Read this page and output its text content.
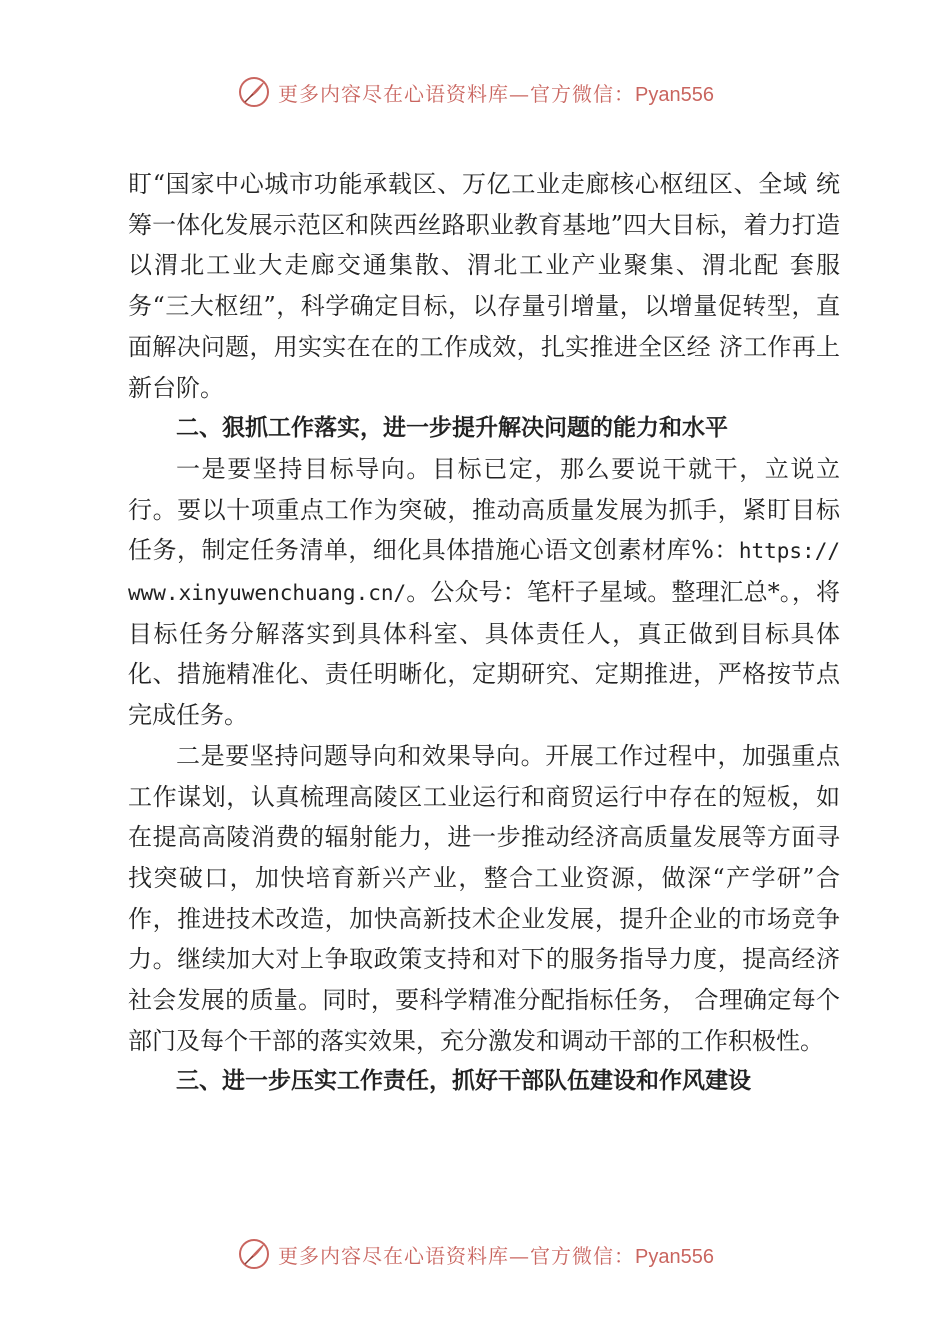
更多内容尽在心语资料库—官方微信：Pyan556

盯“国家中心城市功能承载区、万亿工业走廊核心枢纽区、全域 统筹一体化发展示范区和陕西丝路职业教育基地”四大目标，着力打造以渭北工业大走廊交通集散、渭北工业产业聚集、渭北配 套服务“三大枢纽”，科学确定目标，以存量引增量，以增量促转型，直面解决问题，用实实在在的工作成效，扎实推进全区经 济工作再上新台阶。

二、狠抓工作落实，进一步提升解决问题的能力和水平

一是要坚持目标导向。目标已定，那么要说干就干，立说立行。要以十项重点工作为突破，推动高质量发展为抓手，紧盯目标任务，制定任务清单，细化具体措施心语文创素材库%：https://www.xinyuwenchuang.cn/。公众号：笔杆子星域。整理汇总*。，将目标任务分解落实到具体科室、具体责任人，真正做到目标具体化、措施精准化、责任明晰化，定期研究、定期推进，严格按节点完成任务。

二是要坚持问题导向和效果导向。开展工作过程中，加强重点工作谋划，认真梳理高陵区工业运行和商贸运行中存在的短板，如在提高高陵消费的辐射能力，进一步推动经济高质量发展等方面寻找突破口，加快培育新兴产业，整合工业资源，做深“产学研”合作，推进技术改造，加快高新技术企业发展，提升企业的市场竞争力。继续加大对上争取政策支持和对下的服务指导力度，提高经济社会发展的质量。同时，要科学精准分配指标任务， 合理确定每个部门及每个干部的落实效果，充分激发和调动干部的工作积极性。

三、进一步压实工作责任，抓好干部队伍建设和作风建设

更多内容尽在心语资料库—官方微信：Pyan556
